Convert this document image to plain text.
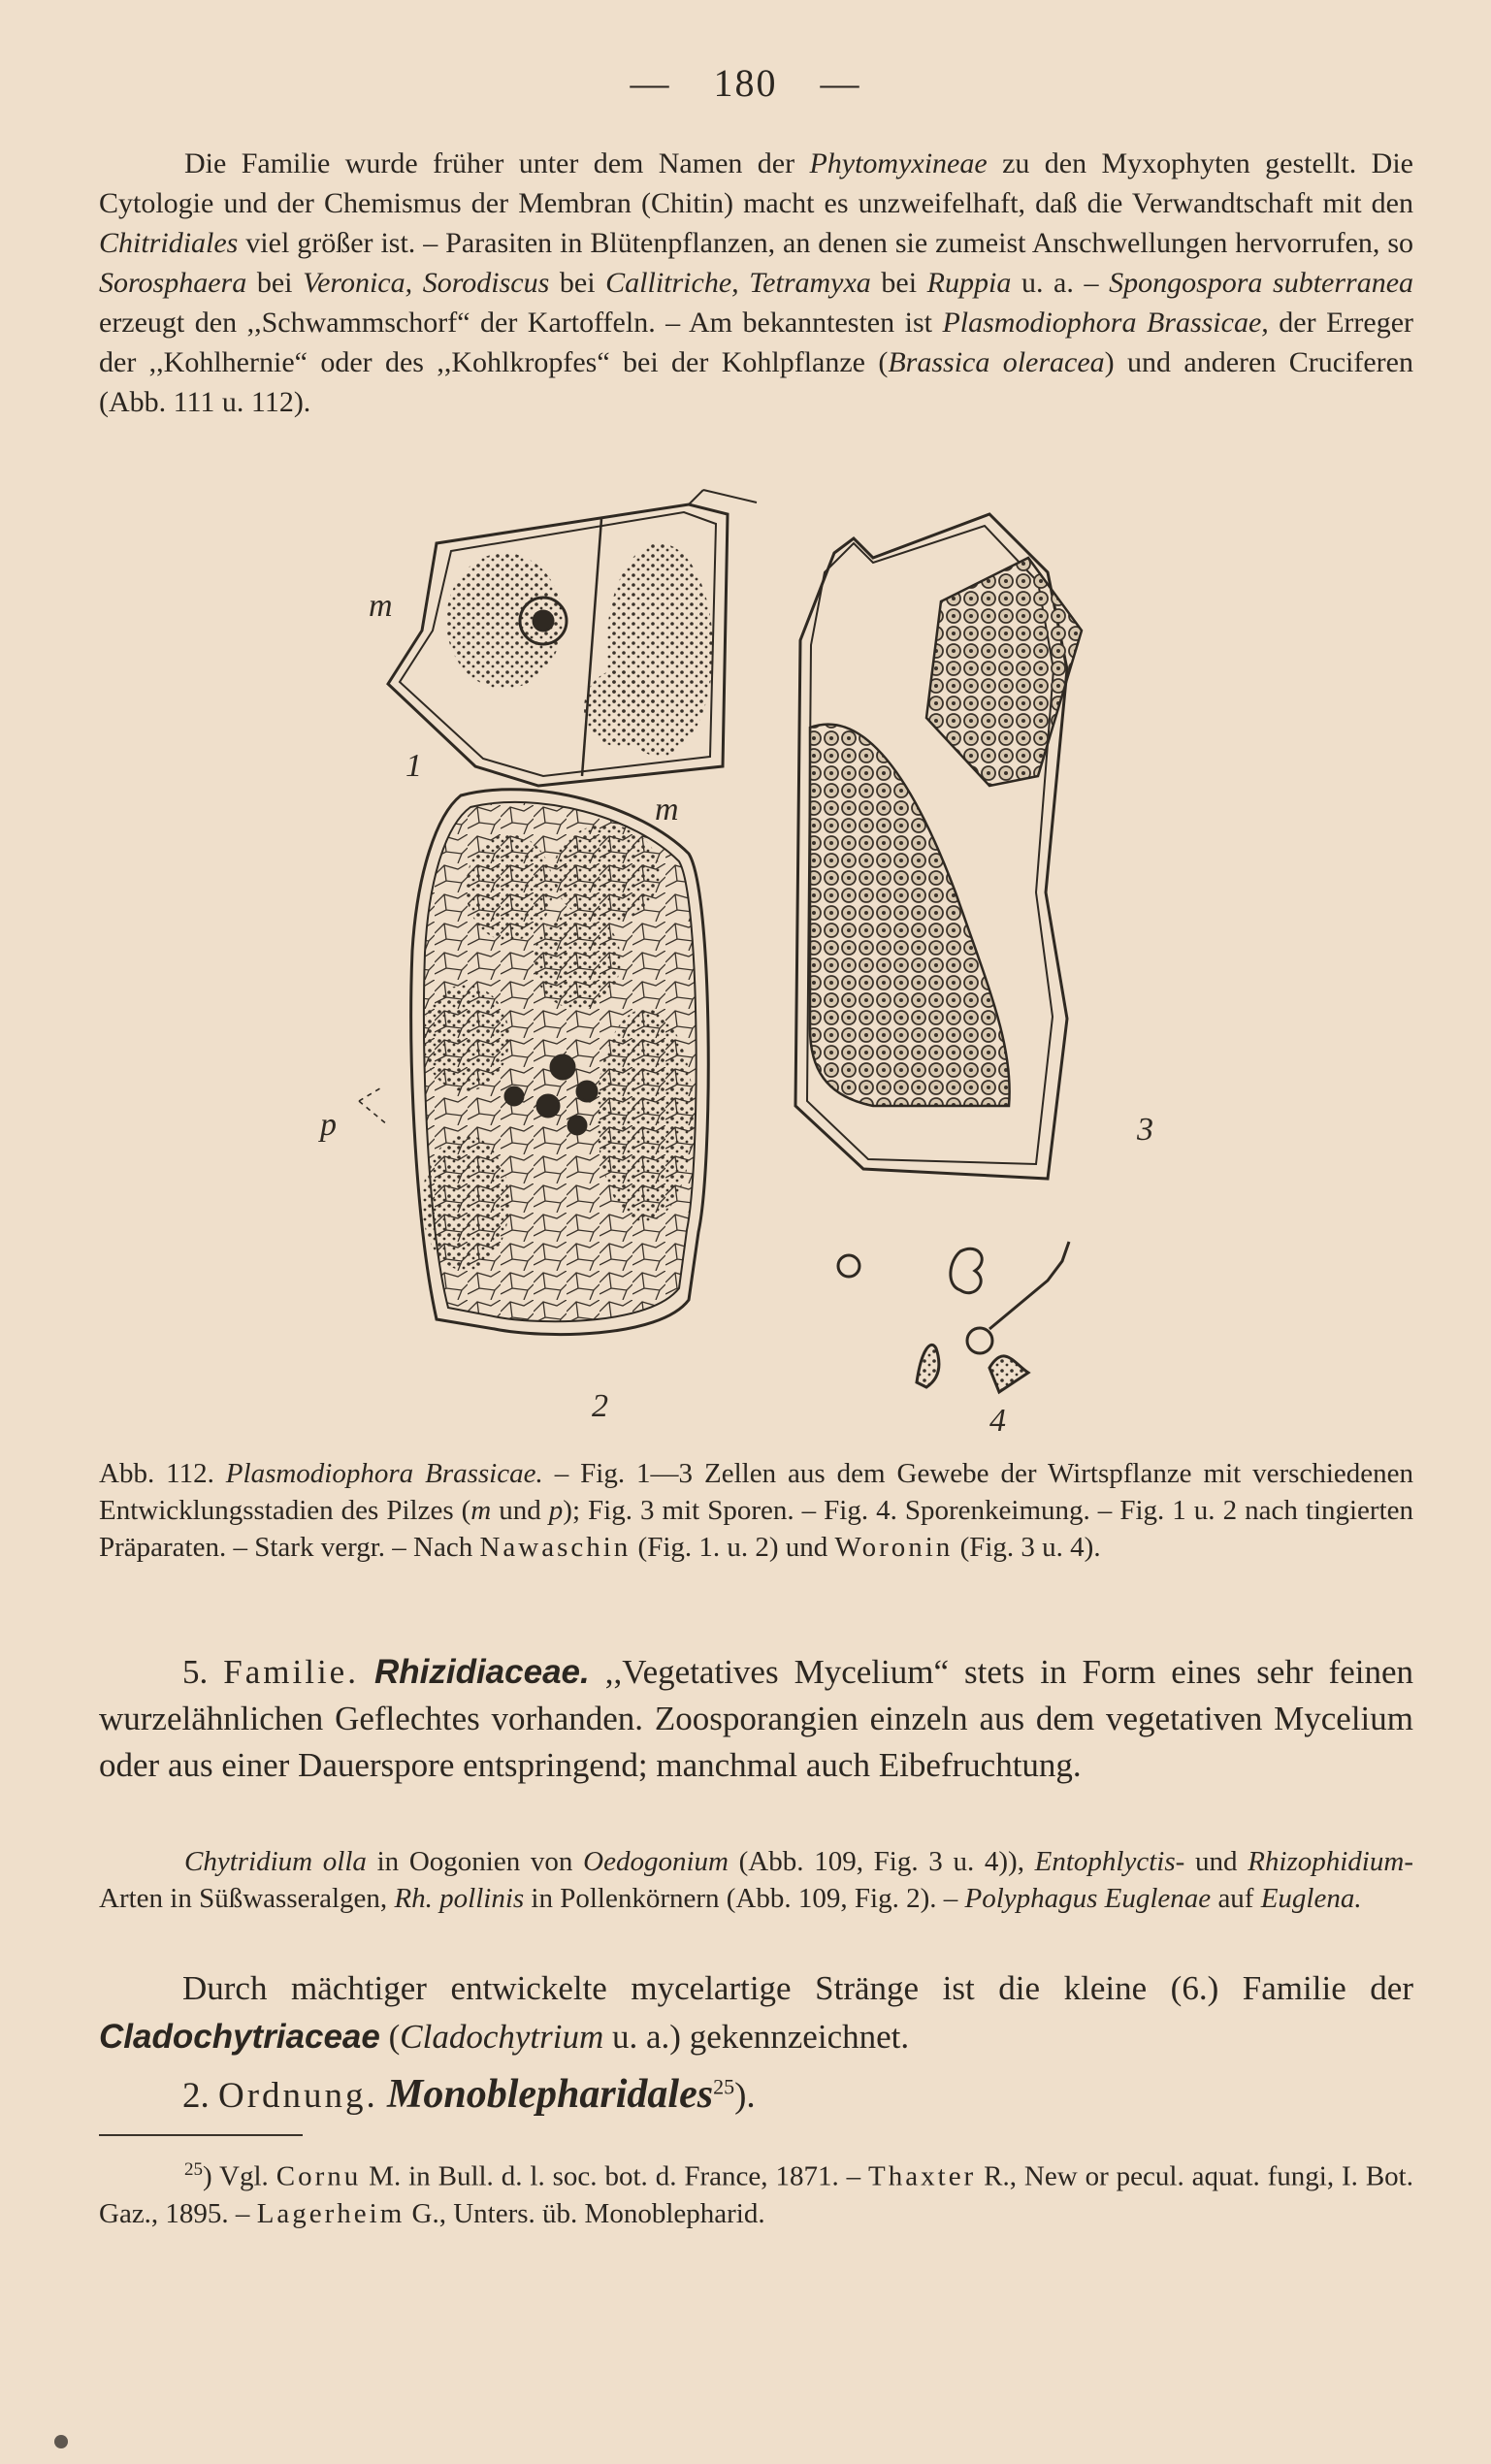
— 180 —

Die Familie wurde früher unter dem Namen der Phytomyxineae zu den Myxophyten gestellt. Die Cytologie und der Chemismus der Membran (Chitin) macht es unzweifelhaft, daß die Verwandtschaft mit den Chitridiales viel größer ist. – Parasiten in Blütenpflanzen, an denen sie zumeist Anschwellungen hervorrufen, so Sorosphaera bei Veronica, Sorodiscus bei Callitriche, Tetramyxa bei Ruppia u. a. – Spongospora subterranea erzeugt den ,,Schwammschorf“ der Kartoffeln. – Am bekanntesten ist Plasmodiophora Brassicae, der Erreger der ,,Kohlhernie“ oder des ,,Kohlkropfes“ bei der Kohlpflanze (Brassica oleracea) und anderen Cruciferen (Abb. 111 u. 112).

m
m
p
1
2
3
4

Abb. 112. Plasmodiophora Brassicae. – Fig. 1—3 Zellen aus dem Gewebe der Wirtspflanze mit verschiedenen Entwicklungsstadien des Pilzes (m und p); Fig. 3 mit Sporen. – Fig. 4. Sporenkeimung. – Fig. 1 u. 2 nach tingierten Präparaten. – Stark vergr. – Nach Nawaschin (Fig. 1. u. 2) und Woronin (Fig. 3 u. 4).

5. Familie. Rhizidiaceae. ,,Vegetatives Mycelium“ stets in Form eines sehr feinen wurzelähnlichen Geflechtes vorhanden. Zoosporangien einzeln aus dem vegetativen Mycelium oder aus einer Dauerspore entspringend; manchmal auch Eibefruchtung.

Chytridium olla in Oogonien von Oedogonium (Abb. 109, Fig. 3 u. 4)), Entophlyctis- und Rhizophidium-Arten in Süßwasseralgen, Rh. pollinis in Pollenkörnern (Abb. 109, Fig. 2). – Polyphagus Euglenae auf Euglena.

Durch mächtiger entwickelte mycelartige Stränge ist die kleine (6.) Familie der Cladochytriaceae (Cladochytrium u. a.) gekennzeichnet.

2. Ordnung. Monoblepharidales$^{25}$).

$^{25}$) Vgl. Cornu M. in Bull. d. l. soc. bot. d. France, 1871. – Thaxter R., New or pecul. aquat. fungi, I. Bot. Gaz., 1895. – Lagerheim G., Unters. üb. Monoblepharid.
